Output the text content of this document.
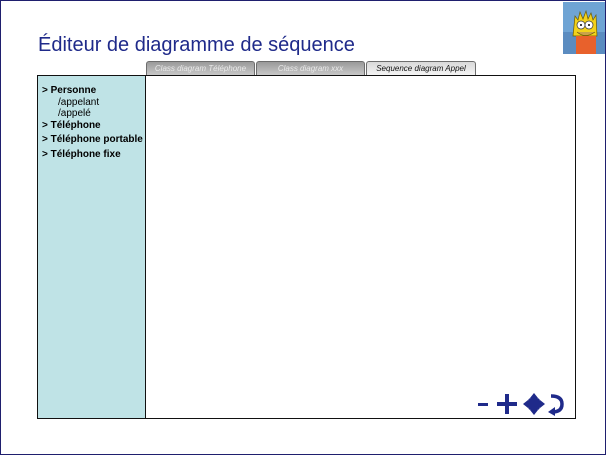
Éditeur de diagramme de séquence
Class diagram Téléphone	Class diagram xxx	Sequence diagram Appel
> Personne
/appelant
/appelé
> Téléphone
> Téléphone portable
> Téléphone fixe
